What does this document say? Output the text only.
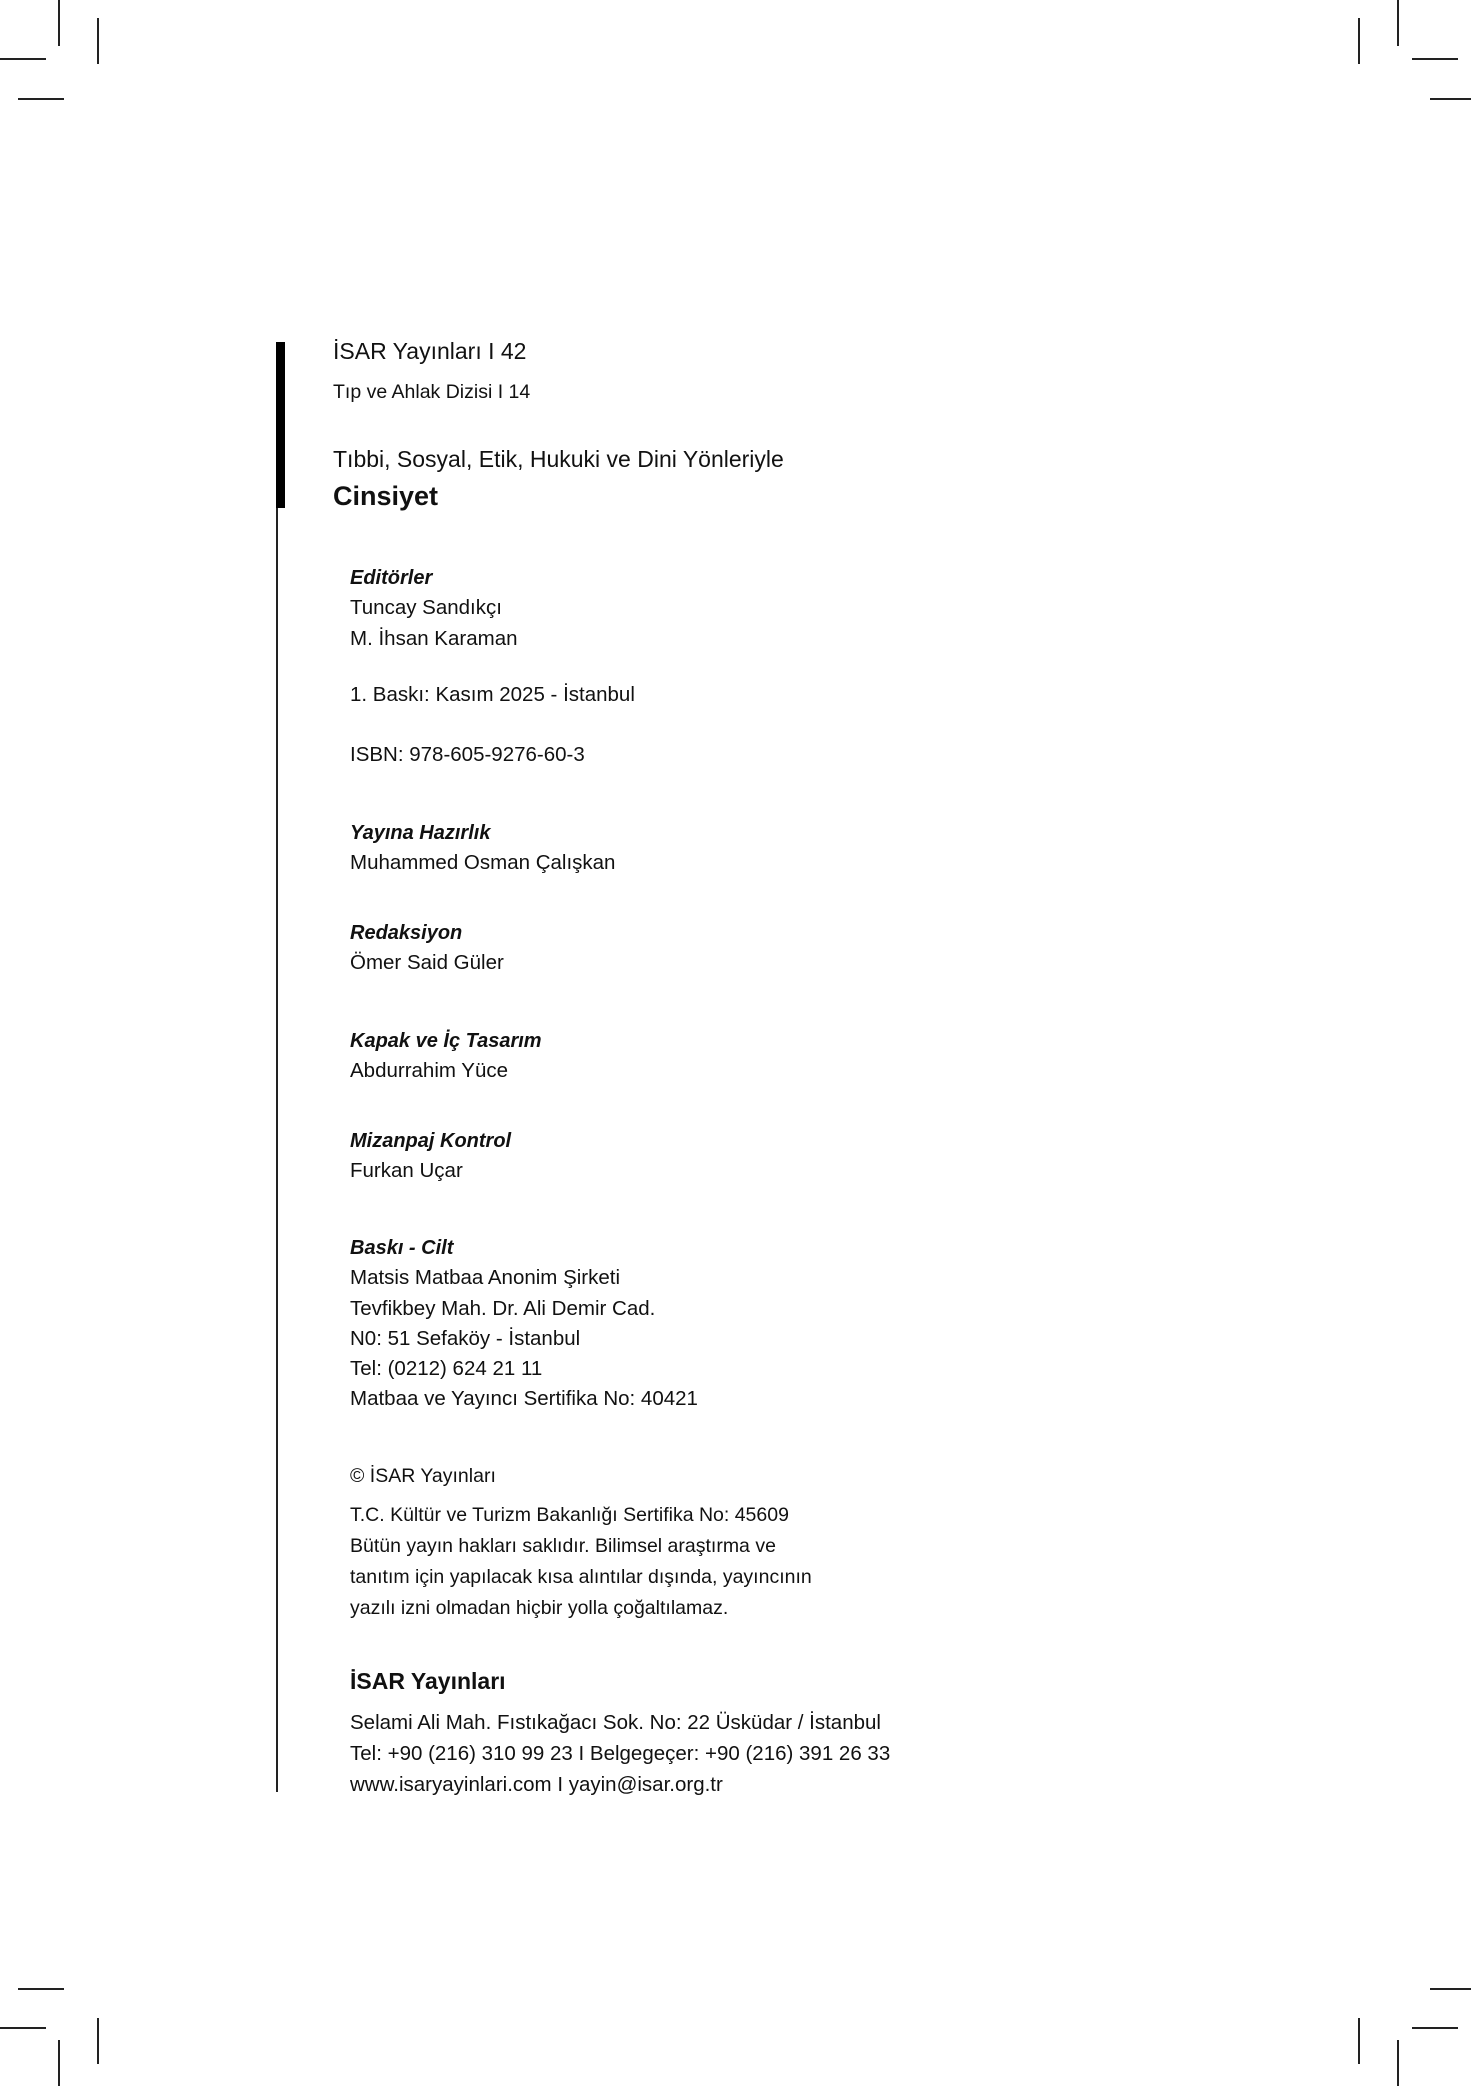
İSAR Yayınları I 42
Tıp ve Ahlak Dizisi I 14
Tıbbi, Sosyal, Etik, Hukuki ve Dini Yönleriyle
Cinsiyet
Editörler
Tuncay Sandıkçı
M. İhsan Karaman
1. Baskı: Kasım 2025 - İstanbul
ISBN: 978-605-9276-60-3
Yayına Hazırlık
Muhammed Osman Çalışkan
Redaksiyon
Ömer Said Güler
Kapak ve İç Tasarım
Abdurrahim Yüce
Mizanpaj Kontrol
Furkan Uçar
Baskı - Cilt
Matsis Matbaa Anonim Şirketi
Tevfikbey Mah. Dr. Ali Demir Cad.
N0: 51 Sefaköy - İstanbul
Tel: (0212) 624 21 11
Matbaa ve Yayıncı Sertifika No: 40421
© İSAR Yayınları
T.C. Kültür ve Turizm Bakanlığı Sertifika No: 45609
Bütün yayın hakları saklıdır. Bilimsel araştırma ve
tanıtım için yapılacak kısa alıntılar dışında, yayıncının
yazılı izni olmadan hiçbir yolla çoğaltılamaz.
İSAR Yayınları
Selami Ali Mah. Fıstıkağacı Sok. No: 22 Üsküdar / İstanbul
Tel: +90 (216) 310 99 23 I Belgegeçer: +90 (216) 391 26 33
www.isaryayinlari.com I yayin@isar.org.tr
